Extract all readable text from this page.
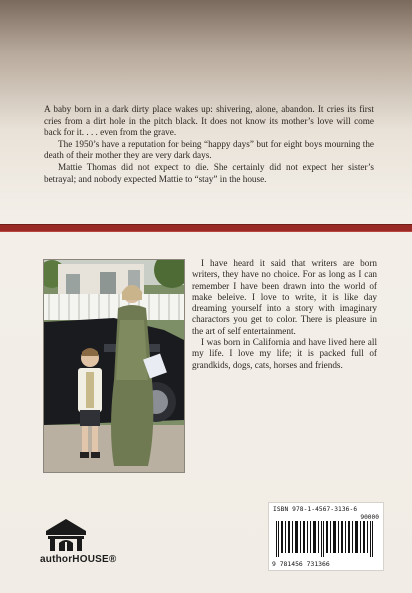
A baby born in a dark dirty place wakes up: shivering, alone, abandon. It cries its first cries from a dirt hole in the pitch black. It does not know its mother’s love will come back for it. . . . even from the grave.

The 1950’s have a reputation for being “happy days” but for eight boys mourning the death of their mother they are very dark days.

Mattie Thomas did not expect to die. She certainly did not expect her sister’s betrayal; and nobody expected Mattie to “stay” in the house.

I have heard it said that writers are born writers, they have no choice. For as long as I can remember I have been drawn into the world of make beleive. I love to write, it is like day dreaming yourself into a story with imaginary charactors you get to color. There is pleasure in the art of self entertainment.

I was born in California and have lived here all my life. I love my life; it is packed full of grandkids, dogs, cats, horses and friends.

authorHOUSE®
ISBN 978-1-4567-3136-6
90000
9 781456 731366
